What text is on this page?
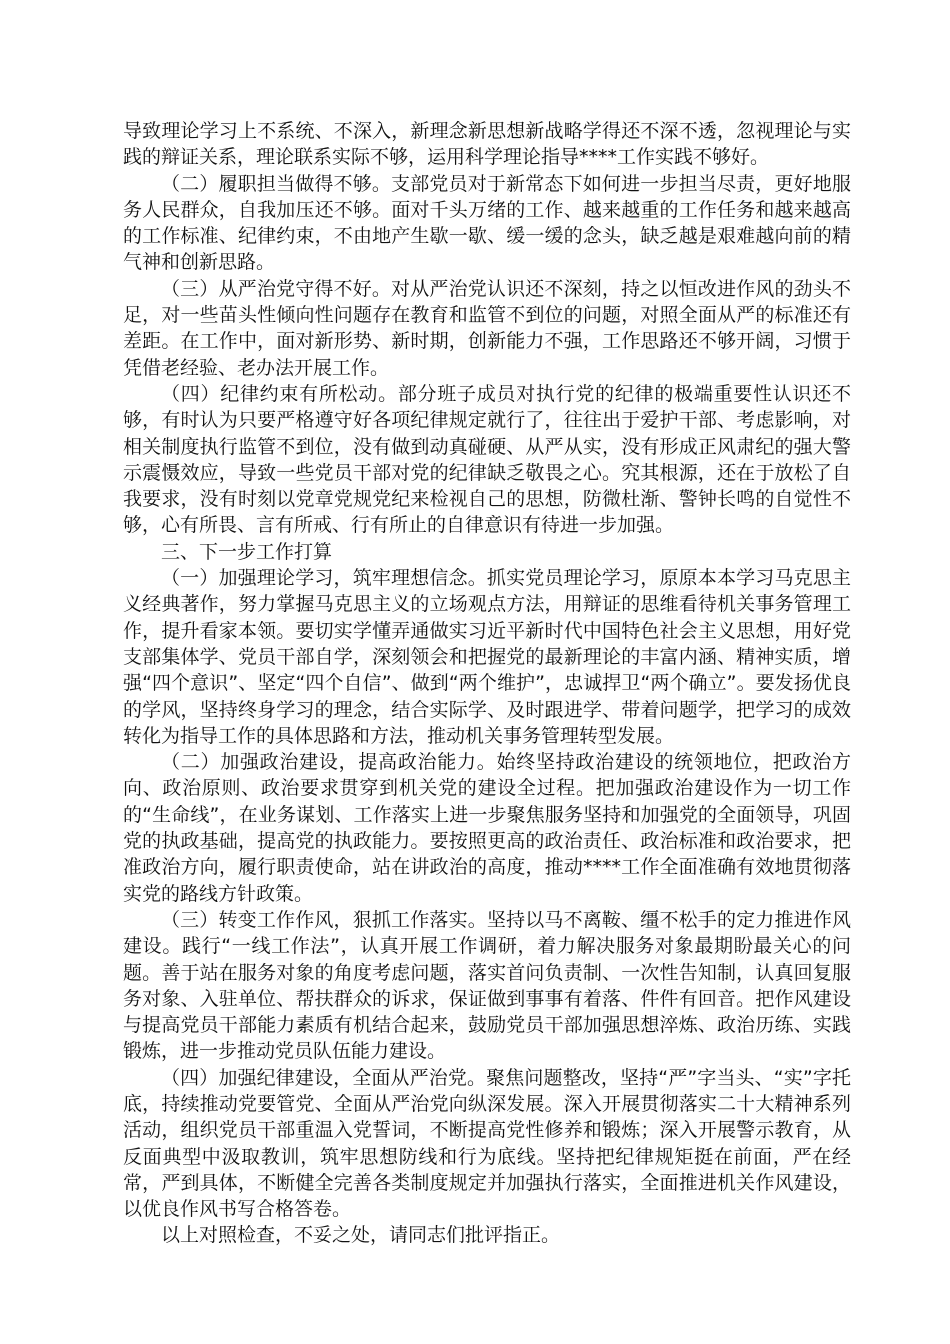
导致理论学习上不系统、不深入，新理念新思想新战略学得还不深不透，忽视理论与实践的辩证关系，理论联系实际不够，运用科学理论指导****工作实践不够好。

（二）履职担当做得不够。支部党员对于新常态下如何进一步担当尽责，更好地服务人民群众，自我加压还不够。面对千头万绪的工作、越来越重的工作任务和越来越高的工作标准、纪律约束，不由地产生歇一歇、缓一缓的念头，缺乏越是艰难越向前的精气神和创新思路。

（三）从严治党守得不好。对从严治党认识还不深刻，持之以恒改进作风的劲头不足，对一些苗头性倾向性问题存在教育和监管不到位的问题，对照全面从严的标准还有差距。在工作中，面对新形势、新时期，创新能力不强，工作思路还不够开阔，习惯于凭借老经验、老办法开展工作。

（四）纪律约束有所松动。部分班子成员对执行党的纪律的极端重要性认识还不够，有时认为只要严格遵守好各项纪律规定就行了，往往出于爱护干部、考虑影响，对相关制度执行监管不到位，没有做到动真碰硬、从严从实，没有形成正风肃纪的强大警示震慑效应，导致一些党员干部对党的纪律缺乏敬畏之心。究其根源，还在于放松了自我要求，没有时刻以党章党规党纪来检视自己的思想，防微杜渐、警钟长鸣的自觉性不够，心有所畏、言有所戒、行有所止的自律意识有待进一步加强。

三、下一步工作打算

（一）加强理论学习，筑牢理想信念。抓实党员理论学习，原原本本学习马克思主义经典著作，努力掌握马克思主义的立场观点方法，用辩证的思维看待机关事务管理工作，提升看家本领。要切实学懂弄通做实习近平新时代中国特色社会主义思想，用好党支部集体学、党员干部自学，深刻领会和把握党的最新理论的丰富内涵、精神实质，增强“四个意识”、坚定“四个自信”、做到“两个维护”，忠诚捍卫“两个确立”。要发扬优良的学风，坚持终身学习的理念，结合实际学、及时跟进学、带着问题学，把学习的成效转化为指导工作的具体思路和方法，推动机关事务管理转型发展。

（二）加强政治建设，提高政治能力。始终坚持政治建设的统领地位，把政治方向、政治原则、政治要求贯穿到机关党的建设全过程。把加强政治建设作为一切工作的“生命线”，在业务谋划、工作落实上进一步聚焦服务坚持和加强党的全面领导，巩固党的执政基础，提高党的执政能力。要按照更高的政治责任、政治标准和政治要求，把准政治方向，履行职责使命，站在讲政治的高度，推动****工作全面准确有效地贯彻落实党的路线方针政策。

（三）转变工作作风，狠抓工作落实。坚持以马不离鞍、缰不松手的定力推进作风建设。践行“一线工作法”，认真开展工作调研，着力解决服务对象最期盼最关心的问题。善于站在服务对象的角度考虑问题，落实首问负责制、一次性告知制，认真回复服务对象、入驻单位、帮扶群众的诉求，保证做到事事有着落、件件有回音。把作风建设与提高党员干部能力素质有机结合起来，鼓励党员干部加强思想淬炼、政治历练、实践锻炼，进一步推动党员队伍能力建设。

（四）加强纪律建设，全面从严治党。聚焦问题整改，坚持“严”字当头、“实”字托底，持续推动党要管党、全面从严治党向纵深发展。深入开展贯彻落实二十大精神系列活动，组织党员干部重温入党誓词，不断提高党性修养和锻炼；深入开展警示教育，从反面典型中汲取教训，筑牢思想防线和行为底线。坚持把纪律规矩挺在前面，严在经常，严到具体，不断健全完善各类制度规定并加强执行落实，全面推进机关作风建设，以优良作风书写合格答卷。

以上对照检查，不妥之处，请同志们批评指正。
